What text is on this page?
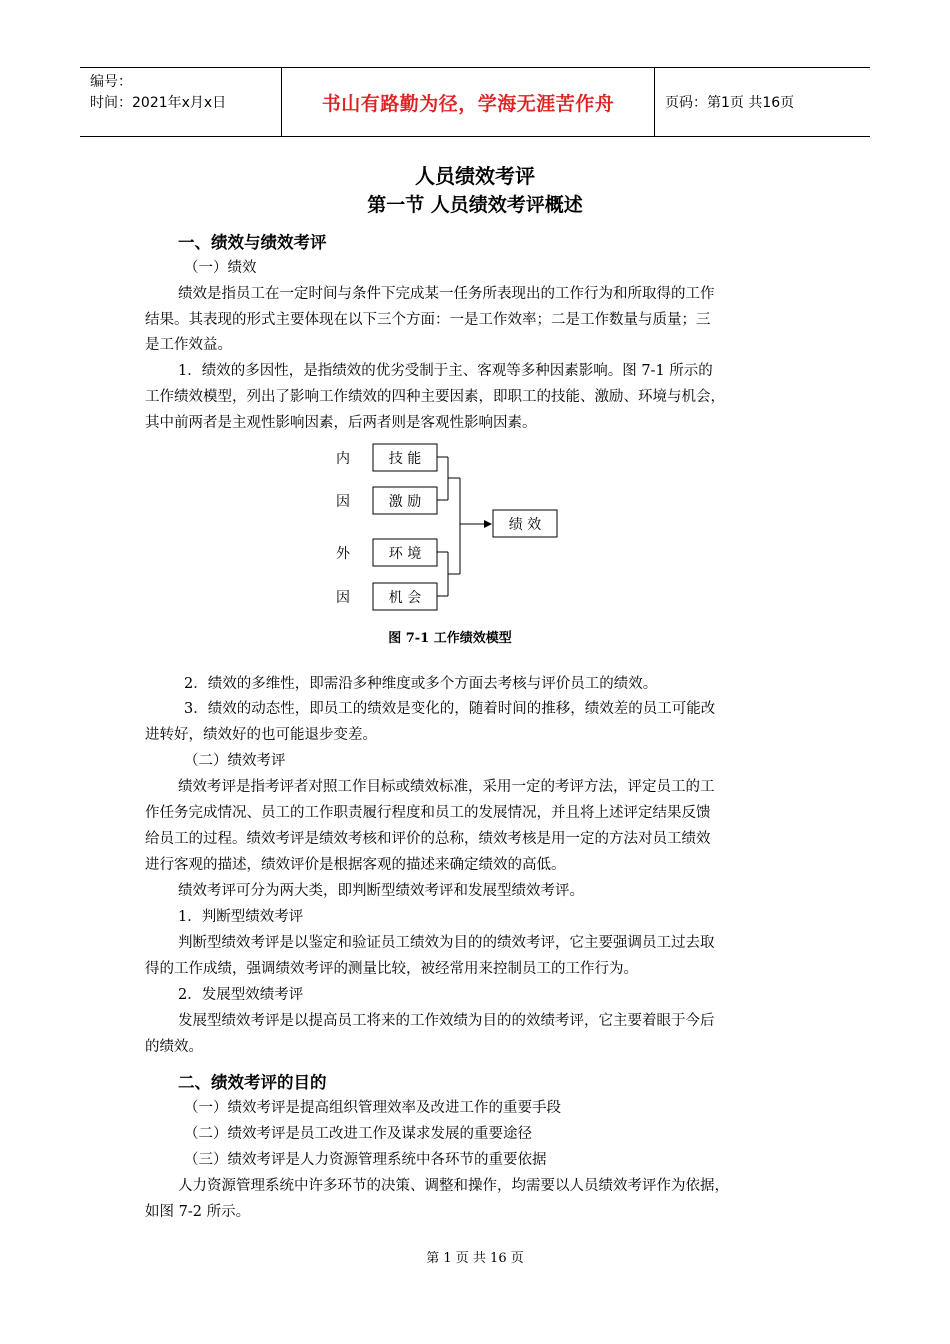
编号：
时间：2021年x月x日	书山有路勤为径，学海无涯苦作舟	页码：第1页 共16页
人员绩效考评
第一节 人员绩效考评概述
一、绩效与绩效考评
（一）绩效
绩效是指员工在一定时间与条件下完成某一任务所表现出的工作行为和所取得的工作
结果。其表现的形式主要体现在以下三个方面：一是工作效率；二是工作数量与质量；三
是工作效益。
1．绩效的多因性，是指绩效的优劣受制于主、客观等多种因素影响。图 7-1 所示的
工作绩效模型，列出了影响工作绩效的四种主要因素，即职工的技能、激励、环境与机会，
其中前两者是主观性影响因素，后两者则是客观性影响因素。
内
因
外
因
技 能
激 励
环 境
机 会
绩 效
图 7-1 工作绩效模型
2．绩效的多维性，即需沿多种维度或多个方面去考核与评价员工的绩效。
3．绩效的动态性，即员工的绩效是变化的，随着时间的推移，绩效差的员工可能改
进转好，绩效好的也可能退步变差。
（二）绩效考评
绩效考评是指考评者对照工作目标或绩效标准，采用一定的考评方法，评定员工的工
作任务完成情况、员工的工作职责履行程度和员工的发展情况，并且将上述评定结果反馈
给员工的过程。绩效考评是绩效考核和评价的总称，绩效考核是用一定的方法对员工绩效
进行客观的描述，绩效评价是根据客观的描述来确定绩效的高低。
绩效考评可分为两大类，即判断型绩效考评和发展型绩效考评。
1．判断型绩效考评
判断型绩效考评是以鉴定和验证员工绩效为目的的绩效考评，它主要强调员工过去取
得的工作成绩，强调绩效考评的测量比较，被经常用来控制员工的工作行为。
2．发展型效绩考评
发展型绩效考评是以提高员工将来的工作效绩为目的的效绩考评，它主要着眼于今后
的绩效。
二、绩效考评的目的
（一）绩效考评是提高组织管理效率及改进工作的重要手段
（二）绩效考评是员工改进工作及谋求发展的重要途径
（三）绩效考评是人力资源管理系统中各环节的重要依据
人力资源管理系统中许多环节的决策、调整和操作，均需要以人员绩效考评作为依据，
如图 7-2 所示。
第 1 页 共 16 页
